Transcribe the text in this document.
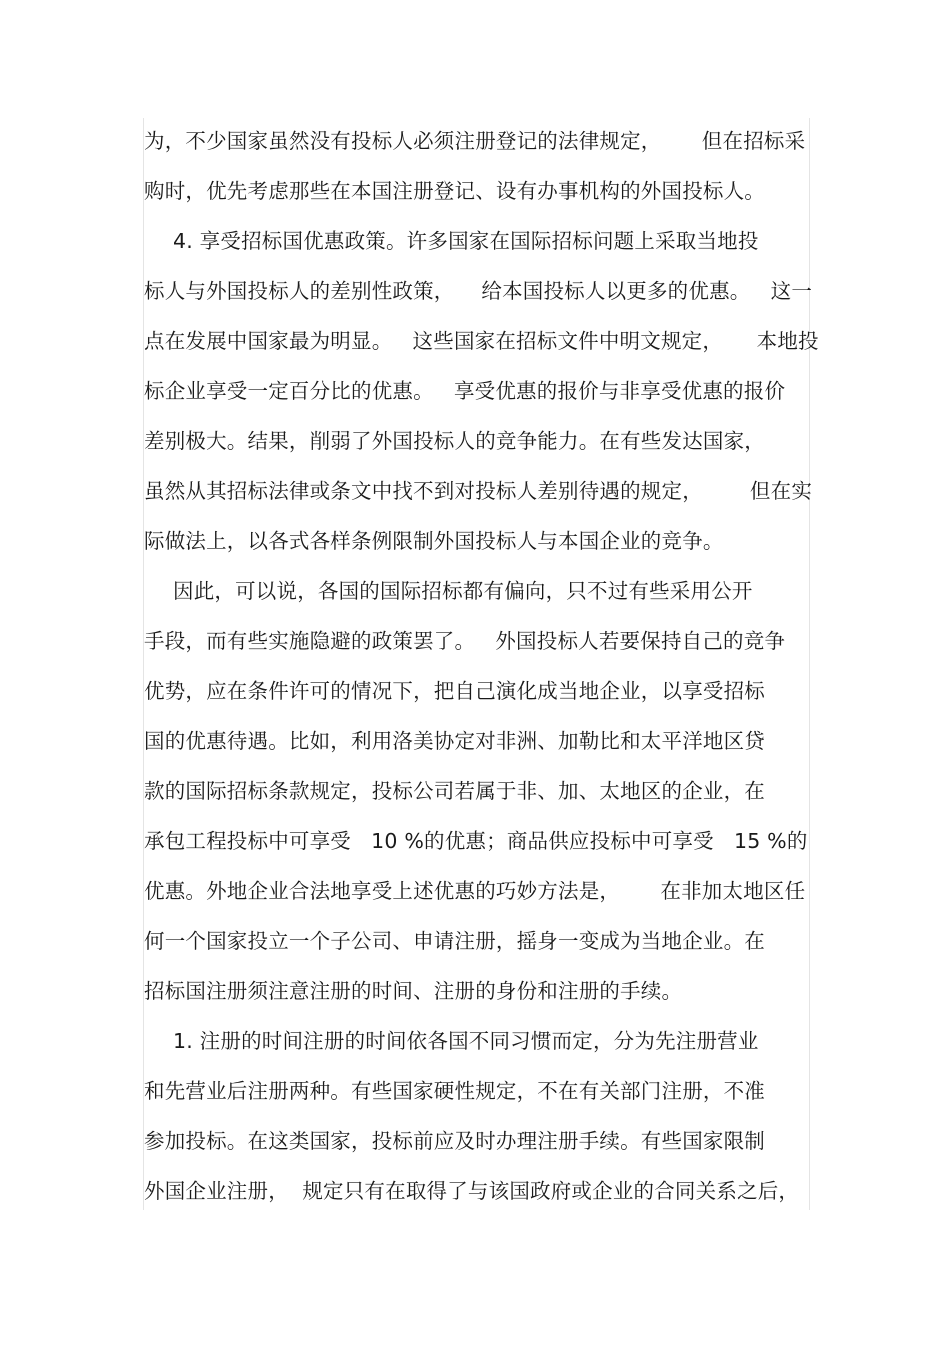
为，不少国家虽然没有投标人必须注册登记的法律规定，      但在招标采
购时，优先考虑那些在本国注册登记、设有办事机构的外国投标人。
4. 享受招标国优惠政策。许多国家在国际招标问题上采取当地投
标人与外国投标人的差别性政策，    给本国投标人以更多的优惠。   这一
点在发展中国家最为明显。   这些国家在招标文件中明文规定，     本地投
标企业享受一定百分比的优惠。   享受优惠的报价与非享受优惠的报价
差别极大。结果，削弱了外国投标人的竞争能力。在有些发达国家，
虽然从其招标法律或条文中找不到对投标人差别待遇的规定，       但在实
际做法上，以各式各样条例限制外国投标人与本国企业的竞争。
因此，可以说，各国的国际招标都有偏向，只不过有些采用公开
手段，而有些实施隐避的政策罢了。   外国投标人若要保持自己的竞争
优势，应在条件许可的情况下，把自己演化成当地企业，以享受招标
国的优惠待遇。比如，利用洛美协定对非洲、加勒比和太平洋地区贷
款的国际招标条款规定，投标公司若属于非、加、太地区的企业，在
承包工程投标中可享受   10 %的优惠；商品供应投标中可享受   15 %的
优惠。外地企业合法地享受上述优惠的巧妙方法是，      在非加太地区任
何一个国家投立一个子公司、申请注册，摇身一变成为当地企业。在
招标国注册须注意注册的时间、注册的身份和注册的手续。
1. 注册的时间注册的时间依各国不同习惯而定，分为先注册营业
和先营业后注册两种。有些国家硬性规定，不在有关部门注册，不准
参加投标。在这类国家，投标前应及时办理注册手续。有些国家限制
外国企业注册，  规定只有在取得了与该国政府或企业的合同关系之后，
